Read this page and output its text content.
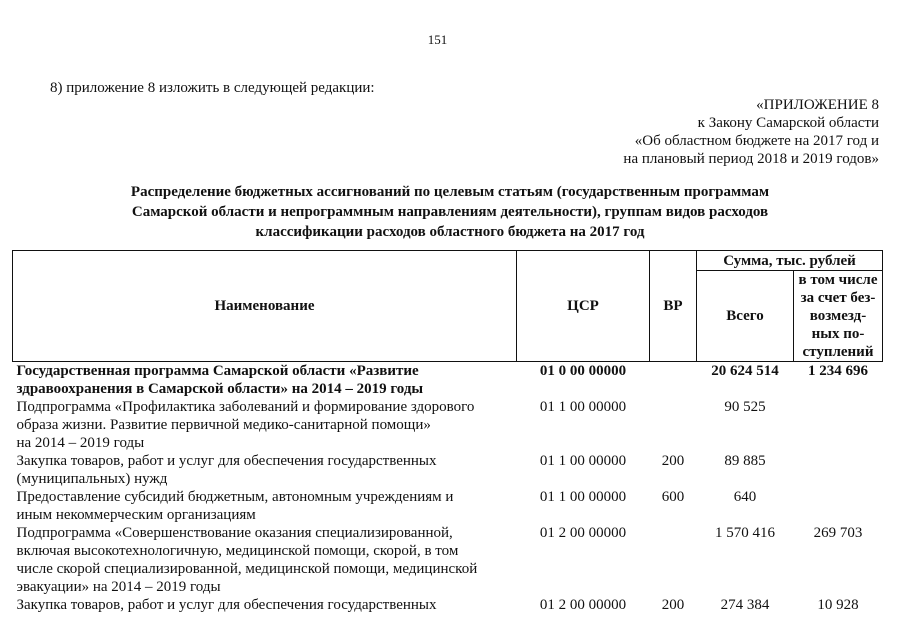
151
8) приложение 8 изложить в следующей редакции:
«ПРИЛОЖЕНИЕ 8
к Закону Самарской области
«Об областном бюджете на 2017 год и
на плановый период 2018 и 2019 годов»
Распределение бюджетных ассигнований по целевым статьям (государственным программам
Самарской области и непрограммным направлениям деятельности), группам видов расходов
классификации расходов областного бюджета на 2017 год
Наименование	ЦСР	ВР	Сумма, тыс. рублей	
			Всего	в том числе
за счет без-
возмезд-
ных по-
ступлений

Государственная программа Самарской области «Развитие
здравоохранения в Самарской области» на 2014 – 2019 годы	01 0 00 00000		20 624 514	1 234 696

Подпрограмма «Профилактика заболеваний и формирование здорового
образа жизни. Развитие первичной медико-санитарной помощи»
на 2014 – 2019 годы	01 1 00 00000		90 525	

Закупка товаров, работ и услуг для обеспечения государственных
(муниципальных) нужд	01 1 00 00000	200	89 885	

Предоставление субсидий бюджетным, автономным учреждениям и
иным некоммерческим организациям	01 1 00 00000	600	640	

Подпрограмма «Совершенствование оказания специализированной,
включая высокотехнологичную, медицинской помощи, скорой, в том
числе скорой специализированной, медицинской помощи, медицинской
эвакуации» на 2014 – 2019 годы	01 2 00 00000		1 570 416	269 703

Закупка товаров, работ и услуг для обеспечения государственных	01 2 00 00000	200	274 384	10 928
